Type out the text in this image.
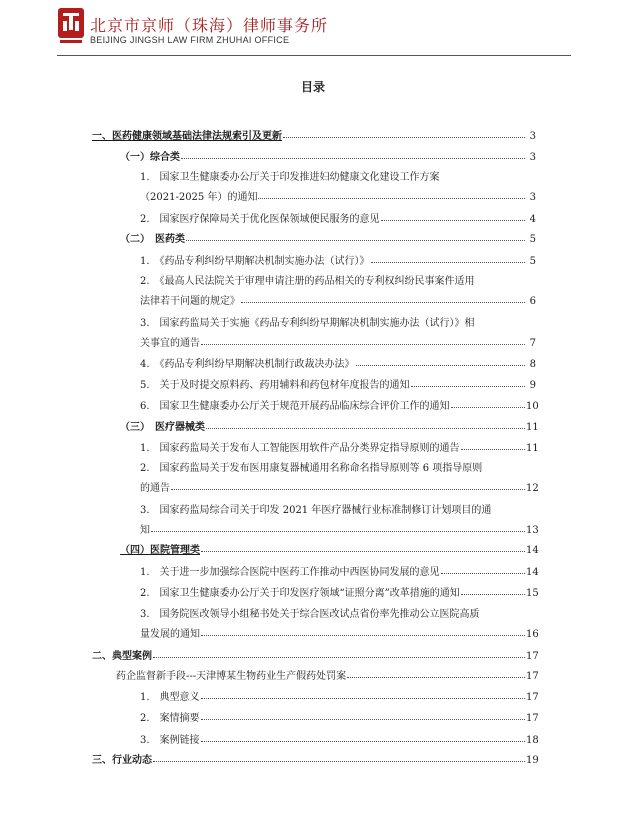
北京市京师（珠海）律师事务所
BEIJING JINGSH LAW FIRM ZHUHAI OFFICE
目录
一、医药健康领域基础法律法规索引及更新	3
（一）综合类	3
1.　国家卫生健康委办公厅关于印发推进妇幼健康文化建设工作方案
（2021-2025 年）的通知	3
2.　国家医疗保障局关于优化医保领域便民服务的意见	4
（二）　医药类	5
1.　《药品专利纠纷早期解决机制实施办法（试行）》	5
2.　《最高人民法院关于审理申请注册的药品相关的专利权纠纷民事案件适用
法律若干问题的规定》	6
3.　国家药监局关于实施《药品专利纠纷早期解决机制实施办法（试行）》相
关事宜的通告	7
4.　《药品专利纠纷早期解决机制行政裁决办法》	8
5.　关于及时提交原料药、药用辅料和药包材年度报告的通知	9
6.　国家卫生健康委办公厅关于规范开展药品临床综合评价工作的通知	10
（三）　医疗器械类	11
1.　国家药监局关于发布人工智能医用软件产品分类界定指导原则的通告	11
2.　国家药监局关于发布医用康复器械通用名称命名指导原则等 6 项指导原则
的通告	12
3.　国家药监局综合司关于印发 2021 年医疗器械行业标准制修订计划项目的通
知	13
（四）医院管理类	14
1.　关于进一步加强综合医院中医药工作推动中西医协同发展的意见	14
2.　国家卫生健康委办公厅关于印发医疗领域“证照分离”改革措施的通知	15
3.　国务院医改领导小组秘书处关于综合医改试点省份率先推动公立医院高质
量发展的通知	16
二、典型案例	17
药企监督新手段---天津博某生物药业生产假药处罚案	17
1.　典型意义	17
2.　案情摘要	17
3.　案例链接	18
三、行业动态	19
